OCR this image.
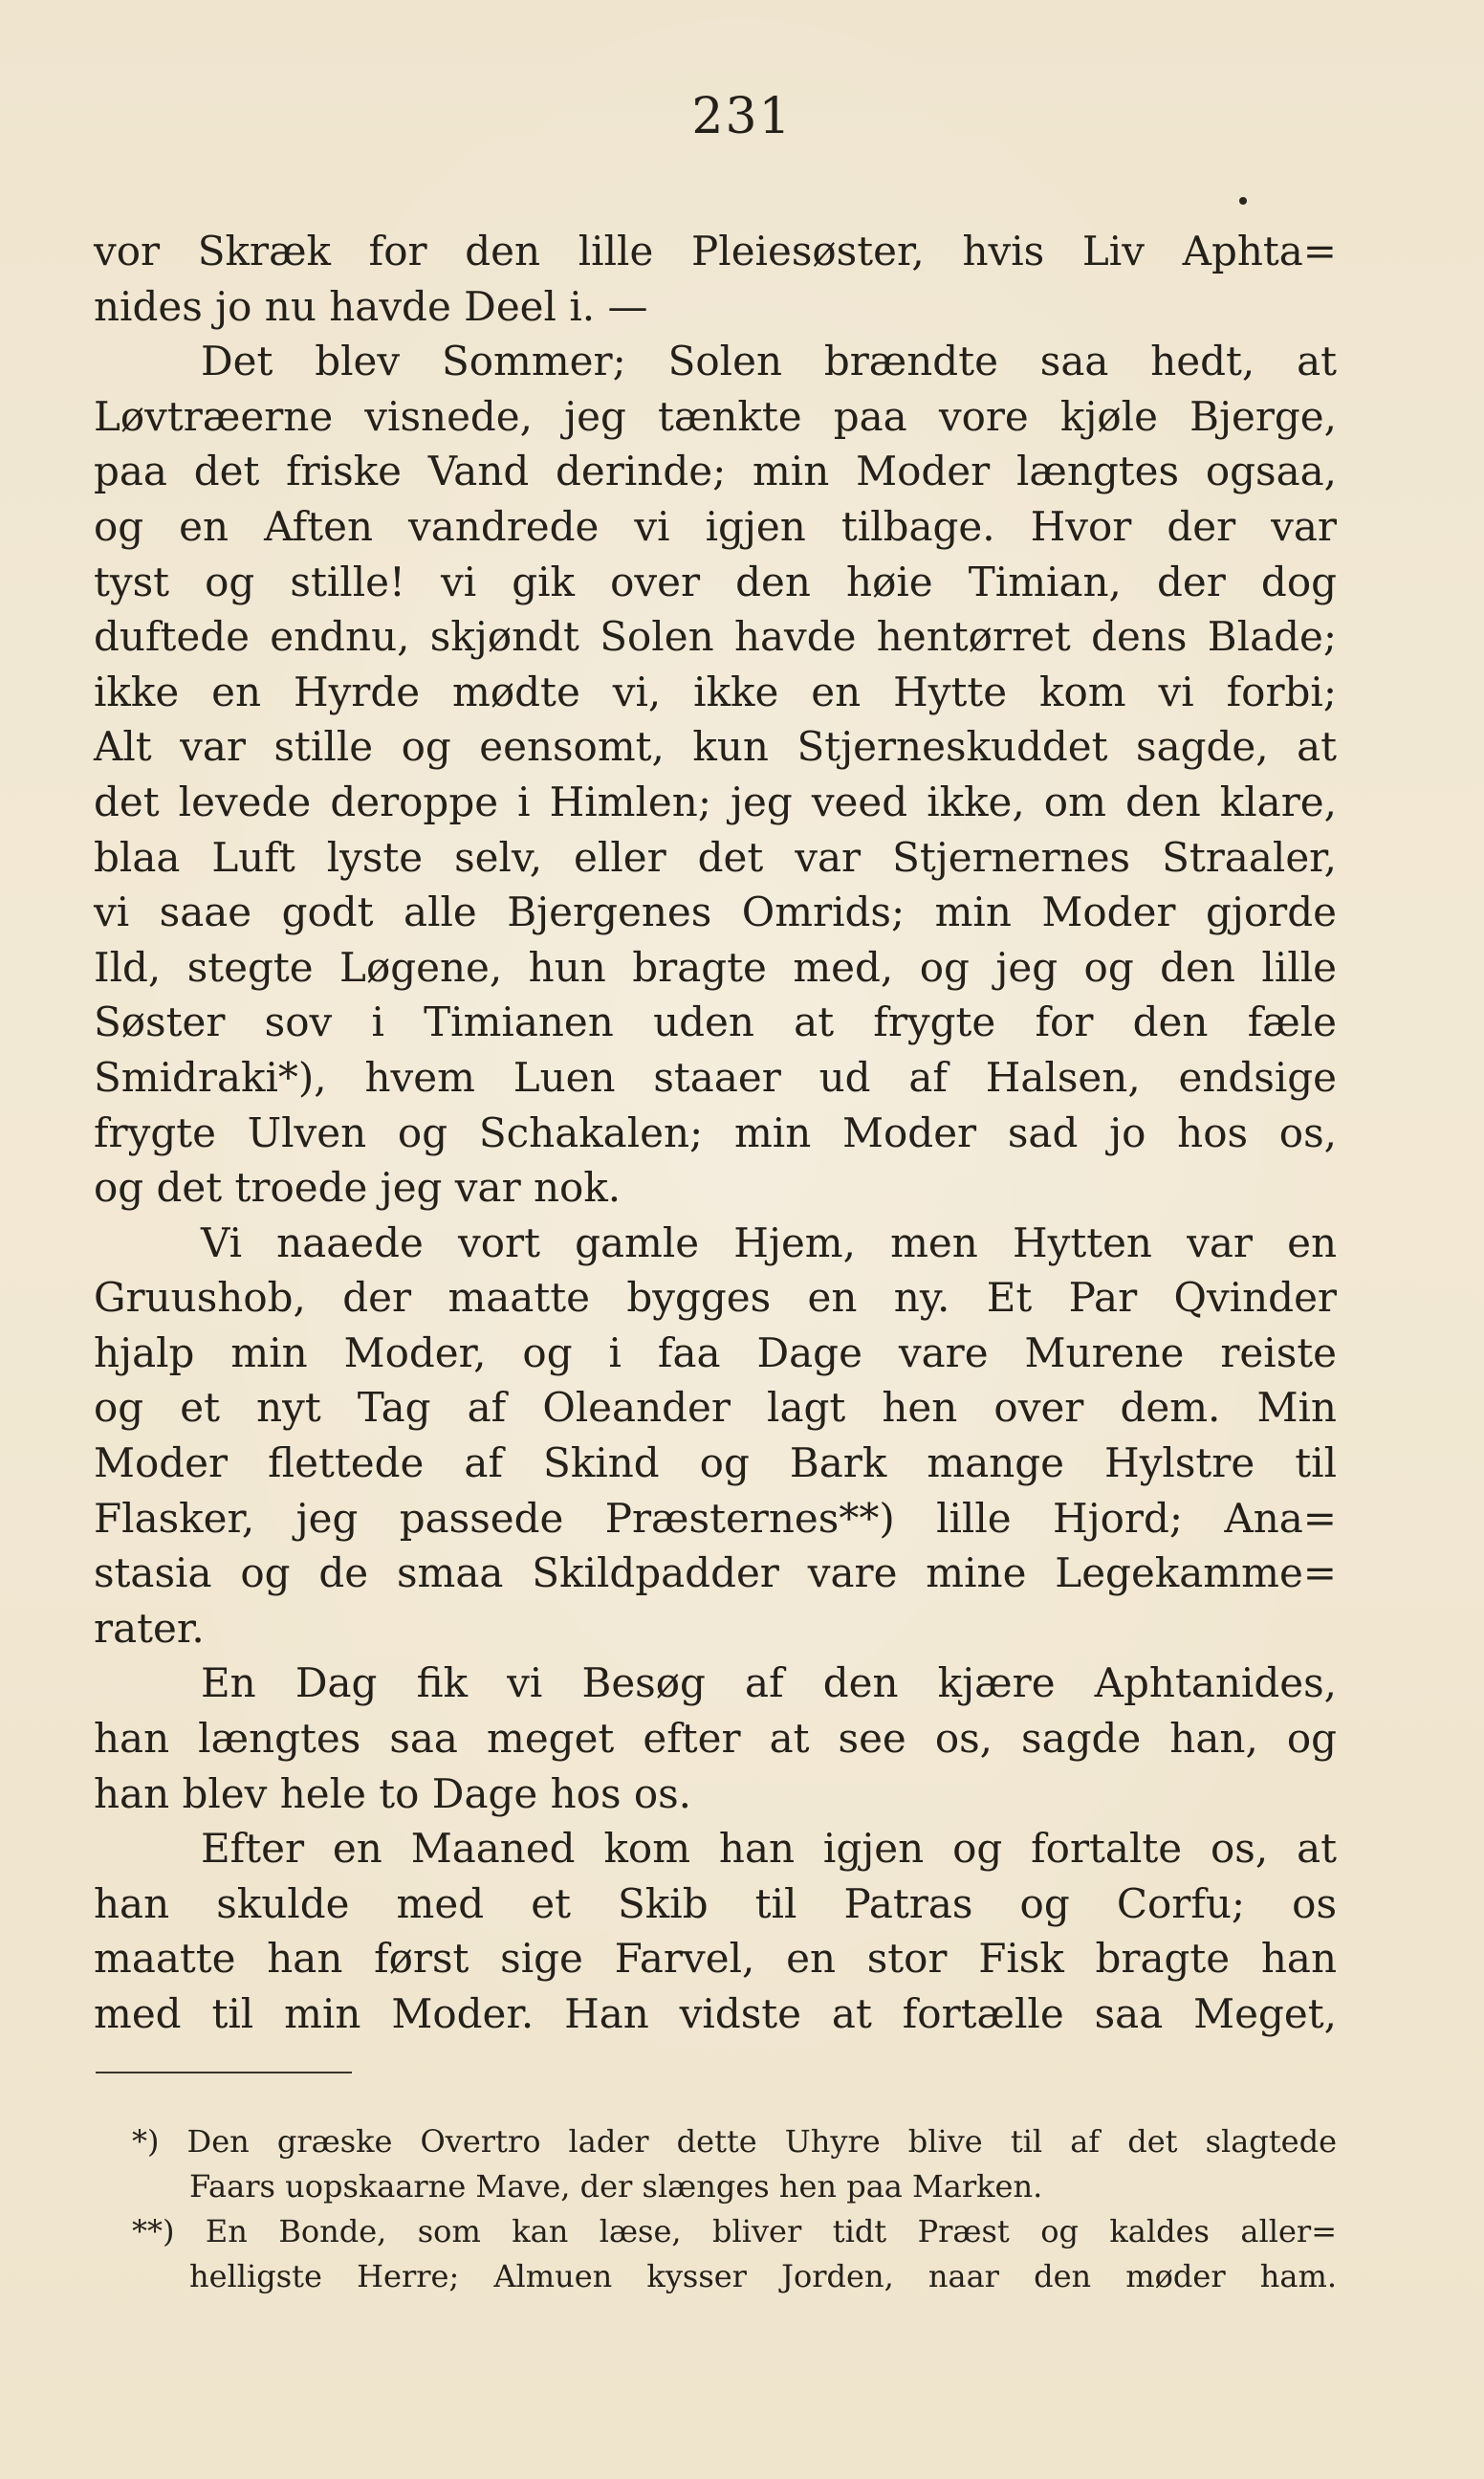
231
vor Skræk for den lille Pleiesøster, hvis Liv Aphta=
nides jo nu havde Deel i. —
Det blev Sommer; Solen brændte saa hedt, at
Løvtræerne visnede, jeg tænkte paa vore kjøle Bjerge,
paa det friske Vand derinde; min Moder længtes ogsaa,
og en Aften vandrede vi igjen tilbage. Hvor der var
tyst og stille! vi gik over den høie Timian, der dog
duftede endnu, skjøndt Solen havde hentørret dens Blade;
ikke en Hyrde mødte vi, ikke en Hytte kom vi forbi;
Alt var stille og eensomt, kun Stjerneskuddet sagde, at
det levede deroppe i Himlen; jeg veed ikke, om den klare,
blaa Luft lyste selv, eller det var Stjernernes Straaler,
vi saae godt alle Bjergenes Omrids; min Moder gjorde
Ild, stegte Løgene, hun bragte med, og jeg og den lille
Søster sov i Timianen uden at frygte for den fæle
Smidraki*), hvem Luen staaer ud af Halsen, endsige
frygte Ulven og Schakalen; min Moder sad jo hos os,
og det troede jeg var nok.
Vi naaede vort gamle Hjem, men Hytten var en
Gruushob, der maatte bygges en ny. Et Par Qvinder
hjalp min Moder, og i faa Dage vare Murene reiste
og et nyt Tag af Oleander lagt hen over dem. Min
Moder flettede af Skind og Bark mange Hylstre til
Flasker, jeg passede Præsternes**) lille Hjord; Ana=
stasia og de smaa Skildpadder vare mine Legekamme=
rater.
En Dag fik vi Besøg af den kjære Aphtanides,
han længtes saa meget efter at see os, sagde han, og
han blev hele to Dage hos os.
Efter en Maaned kom han igjen og fortalte os, at
han skulde med et Skib til Patras og Corfu; os
maatte han først sige Farvel, en stor Fisk bragte han
med til min Moder. Han vidste at fortælle saa Meget,
*) Den græske Overtro lader dette Uhyre blive til af det slagtede
Faars uopskaarne Mave, der slænges hen paa Marken.
**) En Bonde, som kan læse, bliver tidt Præst og kaldes aller=
helligste Herre; Almuen kysser Jorden, naar den møder ham.
